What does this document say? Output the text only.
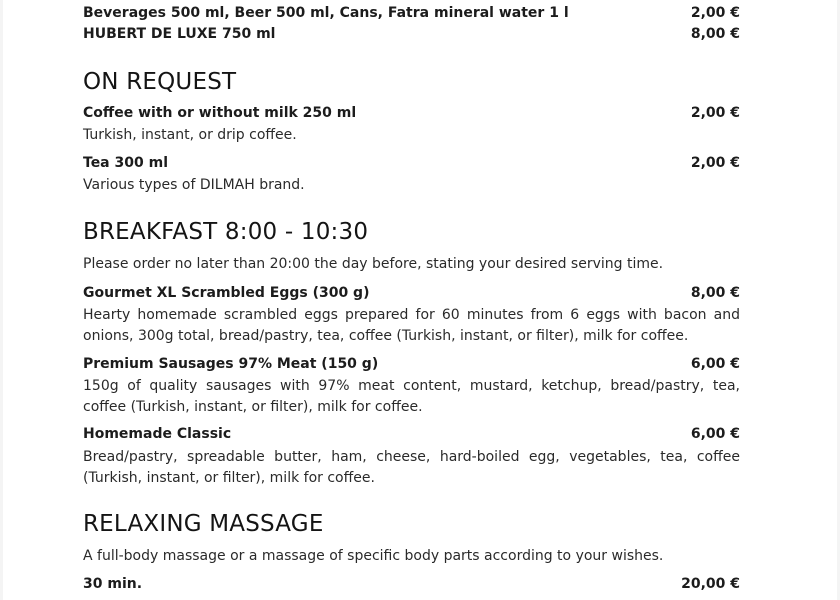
Beverages 500 ml, Beer 500 ml, Cans, Fatra mineral water 1 l	2,00 €
HUBERT DE LUXE 750 ml	8,00 €
ON REQUEST
Coffee with or without milk 250 ml	2,00 €
Turkish, instant, or drip coffee.
Tea 300 ml	2,00 €
Various types of DILMAH brand.
BREAKFAST 8:00 - 10:30
Please order no later than 20:00 the day before, stating your desired serving time.
Gourmet XL Scrambled Eggs (300 g)	8,00 €
Hearty homemade scrambled eggs prepared for 60 minutes from 6 eggs with bacon and onions, 300g total, bread/pastry, tea, coffee (Turkish, instant, or filter), milk for coffee.
Premium Sausages 97% Meat (150 g)	6,00 €
150g of quality sausages with 97% meat content, mustard, ketchup, bread/pastry, tea, coffee (Turkish, instant, or filter), milk for coffee.
Homemade Classic	6,00 €
Bread/pastry, spreadable butter, ham, cheese, hard-boiled egg, vegetables, tea, coffee (Turkish, instant, or filter), milk for coffee.
RELAXING MASSAGE
A full-body massage or a massage of specific body parts according to your wishes.
30 min.	20,00 €
